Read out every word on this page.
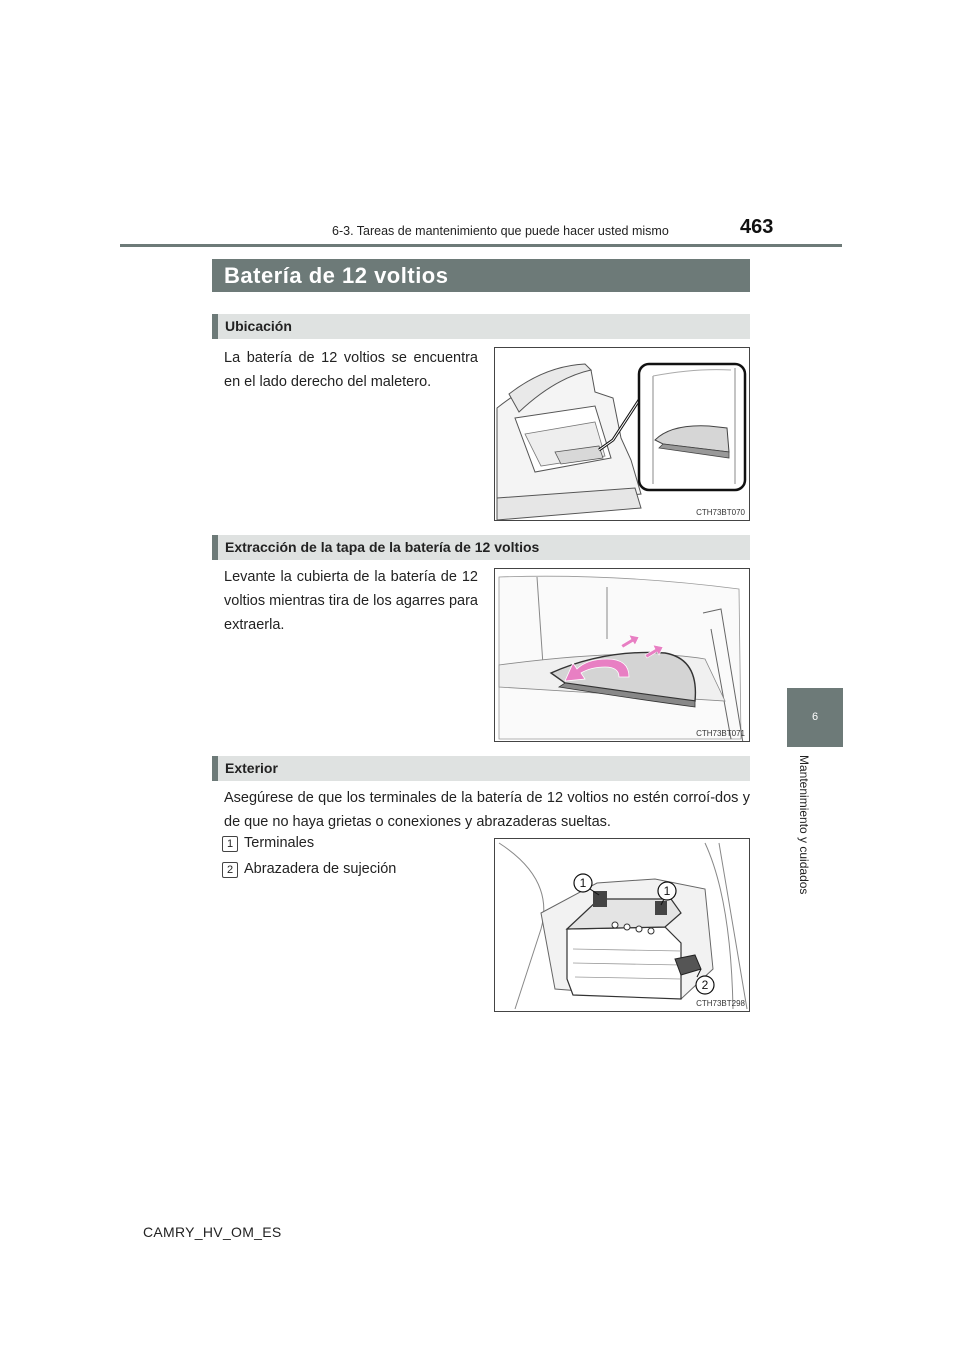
6-3. Tareas de mantenimiento que puede hacer usted mismo	463
Batería de 12 voltios
Ubicación
La batería de 12 voltios se encuentra en el lado derecho del maletero.
CTH73BT070
Extracción de la tapa de la batería de 12 voltios
Levante la cubierta de la batería de 12 voltios mientras tira de los agarres para extraerla.
CTH73BT071
Exterior
Asegúrese de que los terminales de la batería de 12 voltios no estén corroí-dos y de que no haya grietas o conexiones y abrazaderas sueltas.
1 Terminales
2 Abrazadera de sujeción
1
1
2
CTH73BT298
6
Mantenimiento y cuidados
CAMRY_HV_OM_ES
